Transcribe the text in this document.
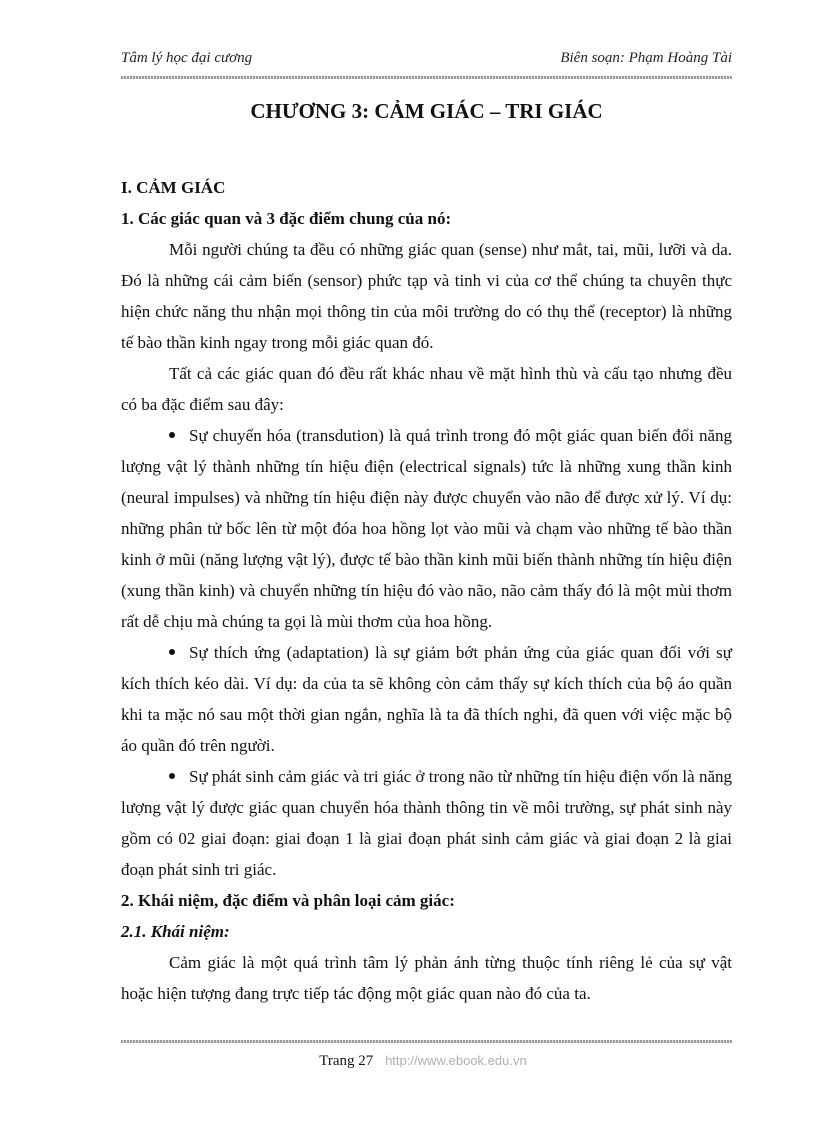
Tâm lý học đại cương	Biên soạn: Phạm Hoàng Tài
CHƯƠNG 3: CẢM GIÁC – TRI GIÁC

I. CẢM GIÁC

1. Các giác quan và 3 đặc điểm chung của nó:

Mỗi người chúng ta đều có những giác quan (sense) như mắt, tai, mũi, lưỡi và da. Đó là những cái cảm biến (sensor) phức tạp và tinh vi của cơ thể chúng ta chuyên thực hiện chức năng thu nhận mọi thông tin của môi trường do có thụ thể (receptor) là những tế bào thần kinh ngay trong mỗi giác quan đó.

Tất cả các giác quan đó đều rất khác nhau về mặt hình thù và cấu tạo nhưng đều có ba đặc điểm sau đây:

Sự chuyển hóa (transdution) là quá trình trong đó một giác quan biến đổi năng lượng vật lý thành những tín hiệu điện (electrical signals) tức là những xung thần kinh (neural impulses) và những tín hiệu điện này được chuyển vào não để được xử lý. Ví dụ: những phân tử bốc lên từ một đóa hoa hồng lọt vào mũi và chạm vào những tế bào thần kinh ở mũi (năng lượng vật lý), được tế bào thần kinh mũi biến thành những tín hiệu điện (xung thần kinh) và chuyển những tín hiệu đó vào não, não cảm thấy đó là một mùi thơm rất dễ chịu mà chúng ta gọi là mùi thơm của hoa hồng.

Sự thích ứng (adaptation) là sự giảm bớt phản ứng của giác quan đối với sự kích thích kéo dài. Ví dụ: da của ta sẽ không còn cảm thấy sự kích thích của bộ áo quần khi ta mặc nó sau một thời gian ngắn, nghĩa là ta đã thích nghi, đã quen với việc mặc bộ áo quần đó trên người.

Sự phát sinh cảm giác và tri giác ở trong não từ những tín hiệu điện vốn là năng lượng vật lý được giác quan chuyển hóa thành thông tin về môi trường, sự phát sinh này gồm có 02 giai đoạn: giai đoạn 1 là giai đoạn phát sinh cảm giác và giai đoạn 2 là giai đoạn phát sinh tri giác.

2. Khái niệm, đặc điểm và phân loại cảm giác:

2.1. Khái niệm:

Cảm giác là một quá trình tâm lý phản ánh từng thuộc tính riêng lẻ của sự vật hoặc hiện tượng đang trực tiếp tác động một giác quan nào đó của ta.

Trang 27 http://www.ebook.edu.vn
